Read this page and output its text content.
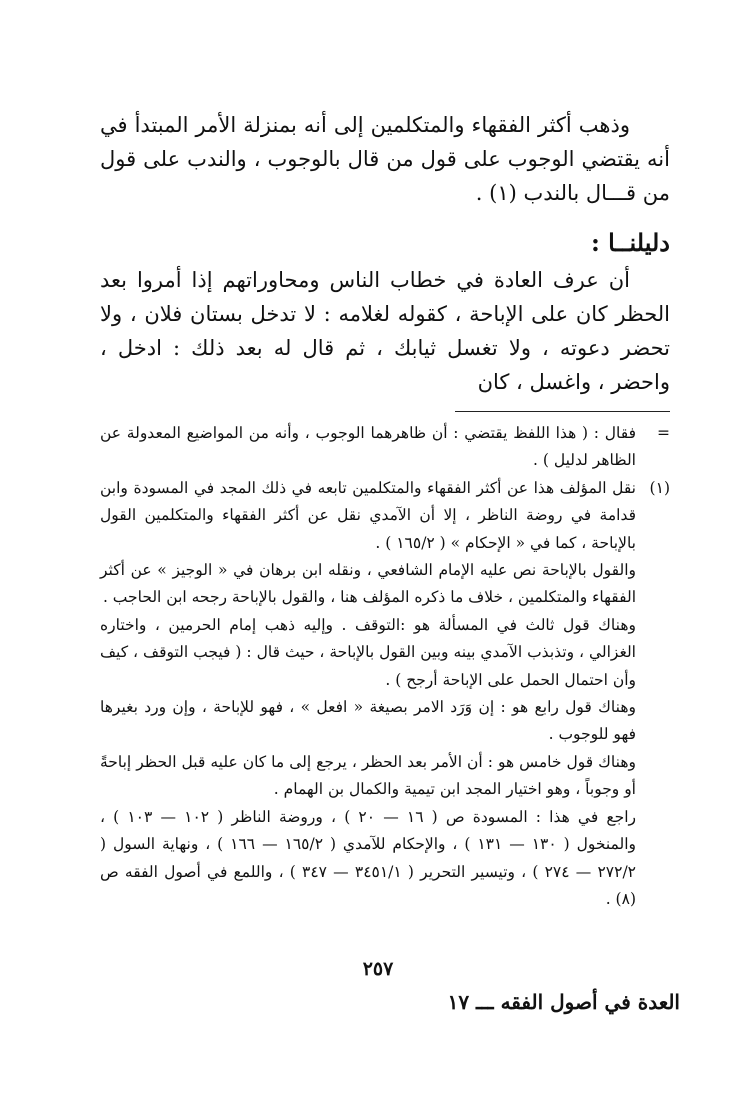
وذهب أكثر الفقهاء والمتكلمين إلى أنه بمنزلة الأمر المبتدأ في أنه يقتضي الوجوب على قول من قال بالوجوب ، والندب على قول من قـــال بالندب (١) .

دليلنــا :

أن عرف العادة في خطاب الناس ومحاوراتهم إذا أمروا بعد الحظر كان على الإباحة ، كقوله لغلامه : لا تدخل بستان فلان ، ولا تحضر دعوته ، ولا تغسل ثيابك ، ثم قال له بعد ذلك : ادخل ، واحضر ، واغسل ، كان

=

فقال : ( هذا اللفظ يقتضي : أن ظاهرهما الوجوب ، وأنه من المواضيع المعدولة عن الظاهر لدليل ) .

(١)

نقل المؤلف هذا عن أكثر الفقهاء والمتكلمين تابعه في ذلك المجد في المسودة وابن قدامة في روضة الناظر ، إلا أن الآمدي نقل عن أكثر الفقهاء والمتكلمين القول بالإباحة ، كما في « الإحكام » ( ١٦٥/٢ ) .

والقول بالإباحة نص عليه الإمام الشافعي ، ونقله ابن برهان في « الوجيز » عن أكثر الفقهاء والمتكلمين ، خلاف ما ذكره المؤلف هنا ، والقول بالإباحة رجحه ابن الحاجب .

وهناك قول ثالث في المسألة هو :التوقف . وإليه ذهب إمام الحرمين ، واختاره الغزالي ، وتذبذب الآمدي بينه وبين القول بالإباحة ، حيث قال : ( فيجب التوقف ، كيف وأن احتمال الحمل على الإباحة أرجح ) .

وهناك قول رابع هو : إن وَرَد الامر بصيغة « افعل » ، فهو للإباحة ، وإن ورد بغيرها فهو للوجوب .

وهناك قول خامس هو : أن الأمر بعد الحظر ، يرجع إلى ما كان عليه قبل الحظر إباحةً أو وجوباً ، وهو اختيار المجد ابن تيمية والكمال بن الهمام .

راجع في هذا : المسودة ص ( ١٦ — ٢٠ ) ، وروضة الناظر ( ١٠٢ — ١٠٣ ) ، والمنخول ( ١٣٠ — ١٣١ ) ، والإحكام للآمدي ( ١٦٥/٢ — ١٦٦ ) ، ونهاية السول ( ٢٧٢/٢ — ٢٧٤ ) ، وتيسير التحرير ( ٣٤٥١/١ — ٣٤٧ ) ، واللمع في أصول الفقه ص (٨) .

٢٥٧
العدة في أصول الفقه ـــ ١٧
